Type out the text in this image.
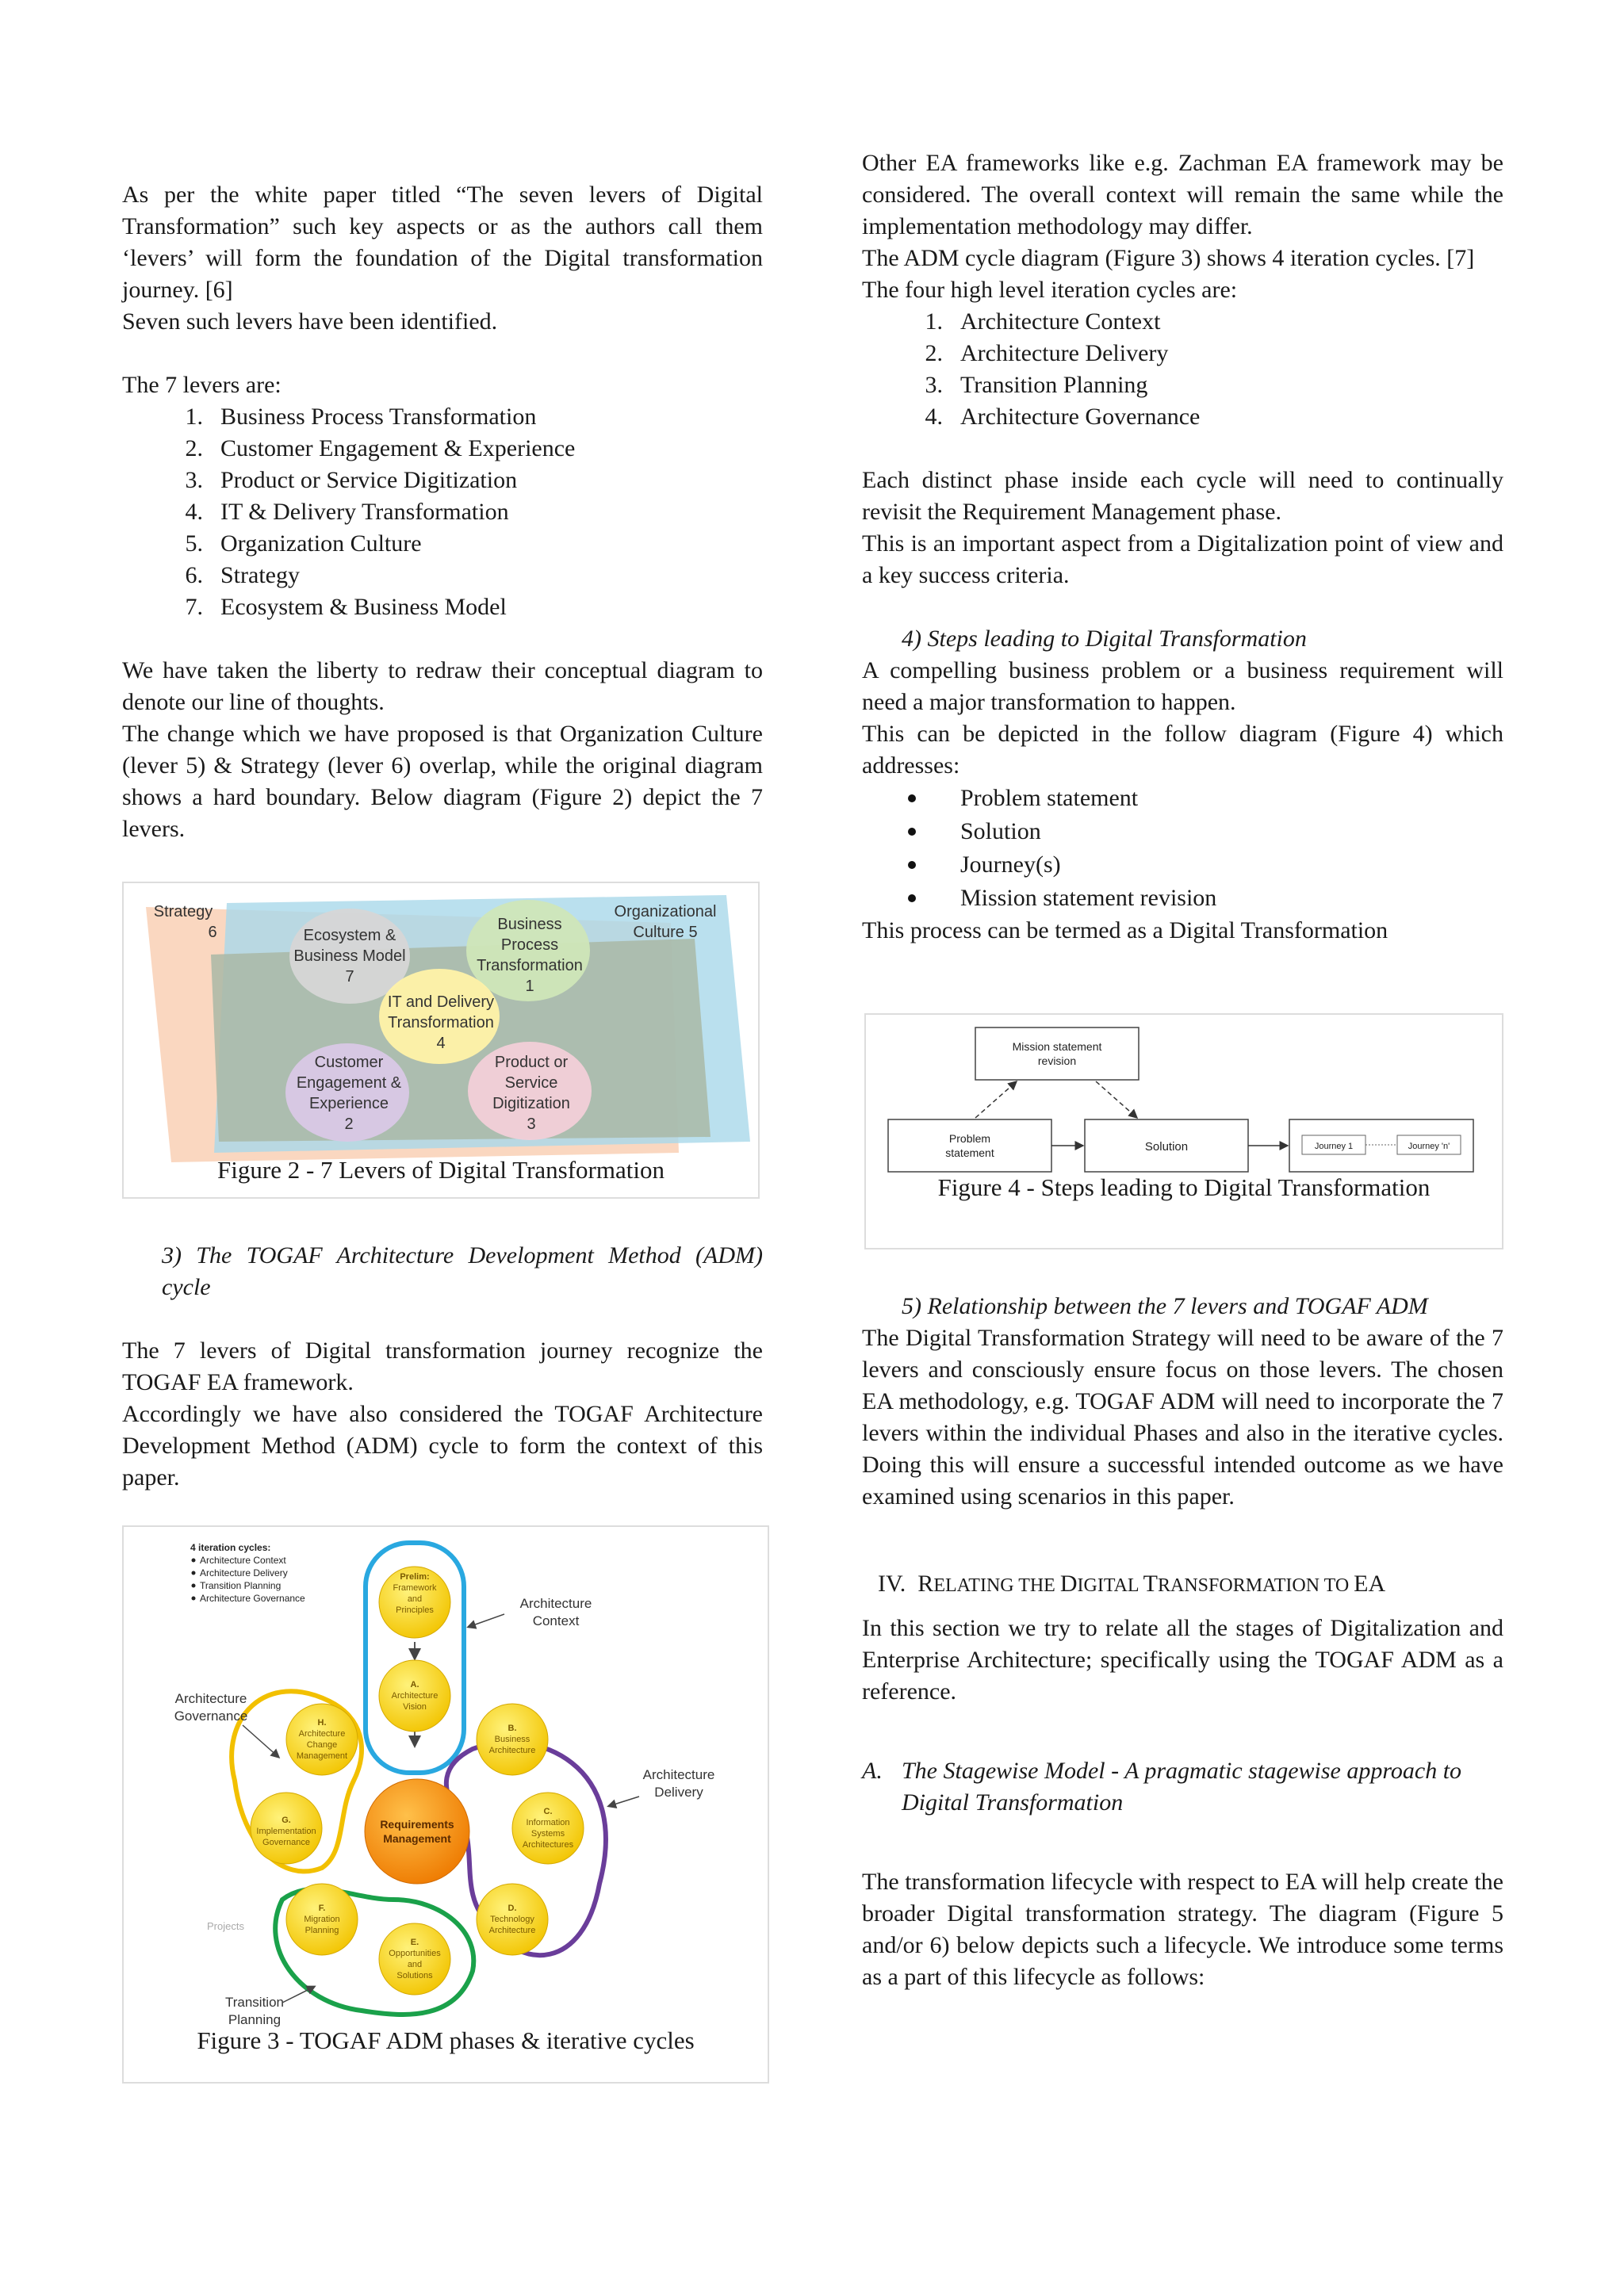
As per the white paper titled “The seven levers of Digital Transformation” such key aspects or as the authors call them ‘levers’ will form the foundation of the Digital transformation journey. [6]

Seven such levers have been identified.

The 7 levers are:

1. Business Process Transformation
2. Customer Engagement & Experience
3. Product or Service Digitization
4. IT & Delivery Transformation
5. Organization Culture
6. Strategy
7. Ecosystem & Business Model

We have taken the liberty to redraw their conceptual diagram to denote our line of thoughts.

The change which we have proposed is that Organization Culture (lever 5) & Strategy (lever 6) overlap, while the original diagram shows a hard boundary. Below diagram (Figure 2) depict the 7 levers.

Strategy
6
Organizational
Culture 5
Ecosystem &
Business Model
7
Business
Process
Transformation
1
IT and Delivery
Transformation
4
Customer
Engagement &
Experience
2
Product or
Service
Digitization
3
Figure 2 - 7 Levers of Digital Transformation

3) The TOGAF Architecture Development Method (ADM) cycle

The 7 levers of Digital transformation journey recognize the TOGAF EA framework.

Accordingly we have also considered the TOGAF Architecture Development Method (ADM) cycle to form the context of this paper.

4 iteration cycles:
Architecture Context
Architecture Delivery
Transition Planning
Architecture Governance
Prelim:
Framework
and
Principles
A.
Architecture
Vision
B.
Business
Architecture
C.
Information
Systems
Architectures
D.
Technology
Architecture
E.
Opportunities
and
Solutions
F.
Migration
Planning
G.
Implementation
Governance
H.
Architecture
Change
Management
Requirements
Management
Architecture
Context
Architecture
Governance
Architecture
Delivery
Transition
Planning
Projects
Figure 3 - TOGAF ADM phases & iterative cycles

Other EA frameworks like e.g. Zachman EA framework may be considered. The overall context will remain the same while the implementation methodology may differ.

The ADM cycle diagram (Figure 3) shows 4 iteration cycles. [7]

The four high level iteration cycles are:

1. Architecture Context
2. Architecture Delivery
3. Transition Planning
4. Architecture Governance

Each distinct phase inside each cycle will need to continually revisit the Requirement Management phase.

This is an important aspect from a Digitalization point of view and a key success criteria.

4) Steps leading to Digital Transformation

A compelling business problem or a business requirement will need a major transformation to happen.

This can be depicted in the follow diagram (Figure 4) which addresses:

Problem statement
Solution
Journey(s)
Mission statement revision

This process can be termed as a Digital Transformation

Mission statement
revision
Problem
statement	Solution	Journey 1	Journey 'n'
Figure 4 - Steps leading to Digital Transformation

5) Relationship between the 7 levers and TOGAF ADM

The Digital Transformation Strategy will need to be aware of the 7 levers and consciously ensure focus on those levers. The chosen EA methodology, e.g. TOGAF ADM will need to incorporate the 7 levers within the individual Phases and also in the iterative cycles. Doing this will ensure a successful intended outcome as we have examined using scenarios in this paper.

IV. RELATING THE DIGITAL TRANSFORMATION TO EA

In this section we try to relate all the stages of Digitalization and Enterprise Architecture; specifically using the TOGAF ADM as a reference.

A. The Stagewise Model - A pragmatic stagewise approach to Digital Transformation

The transformation lifecycle with respect to EA will help create the broader Digital transformation strategy. The diagram (Figure 5 and/or 6) below depicts such a lifecycle. We introduce some terms as a part of this lifecycle as follows:
